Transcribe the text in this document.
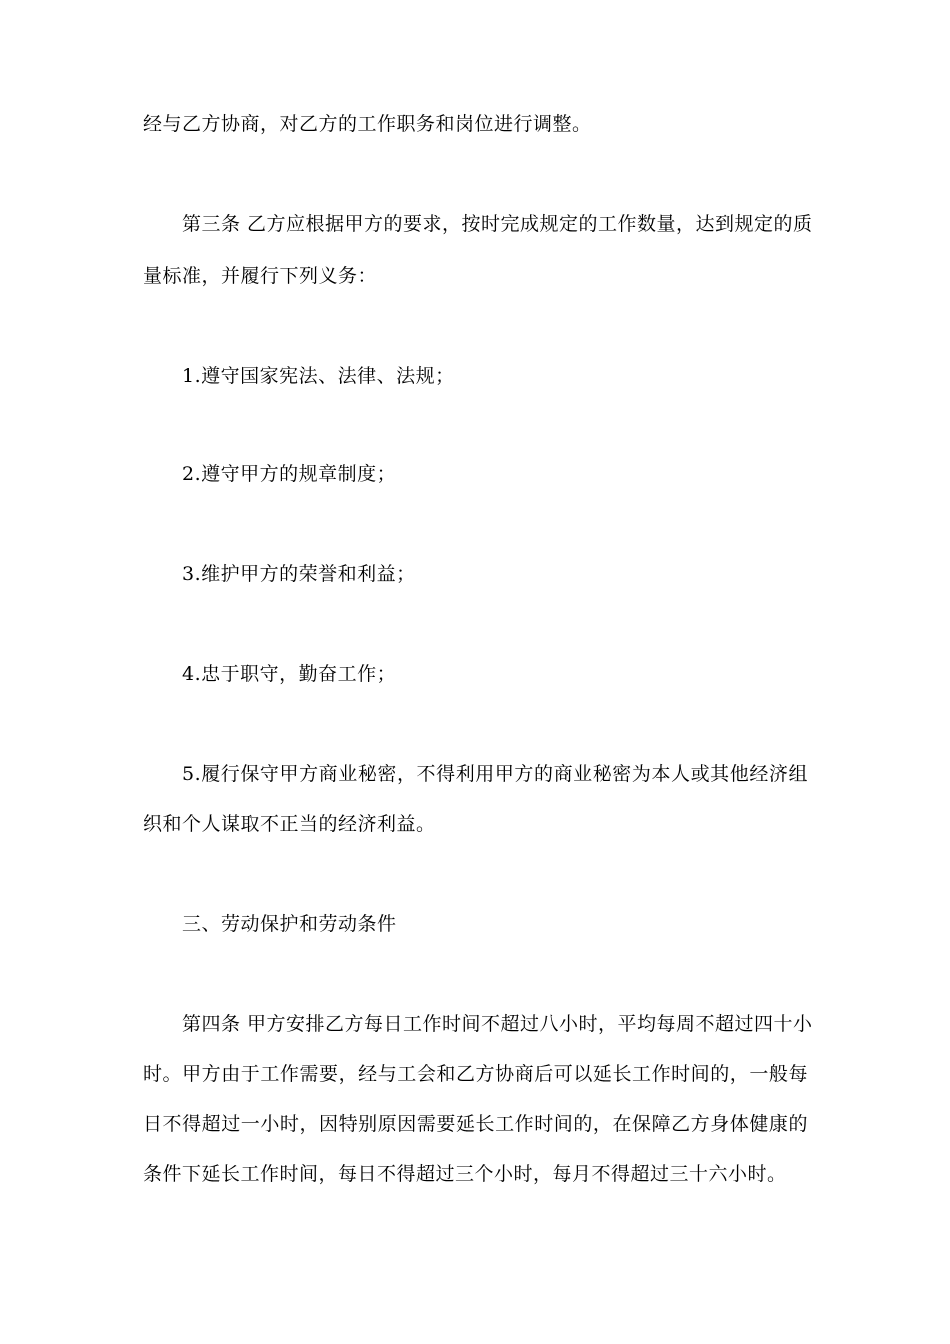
经与乙方协商，对乙方的工作职务和岗位进行调整。
第三条 乙方应根据甲方的要求，按时完成规定的工作数量，达到规定的质
量标准，并履行下列义务：
1.遵守国家宪法、法律、法规；
2.遵守甲方的规章制度；
3.维护甲方的荣誉和利益；
4.忠于职守，勤奋工作；
5.履行保守甲方商业秘密，不得利用甲方的商业秘密为本人或其他经济组
织和个人谋取不正当的经济利益。
三、劳动保护和劳动条件
第四条 甲方安排乙方每日工作时间不超过八小时，平均每周不超过四十小
时。甲方由于工作需要，经与工会和乙方协商后可以延长工作时间的，一般每
日不得超过一小时，因特别原因需要延长工作时间的，在保障乙方身体健康的
条件下延长工作时间，每日不得超过三个小时，每月不得超过三十六小时。
